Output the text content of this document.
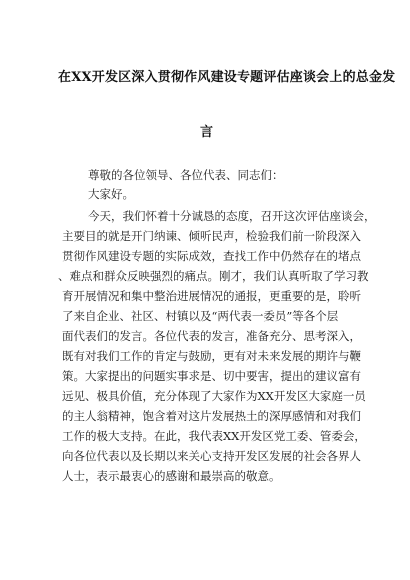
在XX开发区深入贯彻作风建设专题评估座谈会上的总金发
言
尊敬的各位领导、各位代表、同志们：
大家好。
今天，我们怀着十分诚恳的态度，召开这次评估座谈会，
主要目的就是开门纳谏、倾听民声，检验我们前一阶段深入
贯彻作风建设专题的实际成效，查找工作中仍然存在的堵点
、难点和群众反映强烈的痛点。刚才，我们认真听取了学习教
育开展情况和集中整治进展情况的通报，更重要的是，聆听
了来自企业、社区、村镇以及“两代表一委员”等各个层
面代表们的发言。各位代表的发言，准备充分、思考深入，
既有对我们工作的肯定与鼓励，更有对未来发展的期许与鞭
策。大家提出的问题实事求是、切中要害，提出的建议富有
远见、极具价值，充分体现了大家作为XX开发区大家庭一员
的主人翁精神，饱含着对这片发展热土的深厚感情和对我们
工作的极大支持。在此，我代表XX开发区党工委、管委会，
向各位代表以及长期以来关心支持开发区发展的社会各界人
人士，表示最衷心的感谢和最崇高的敬意。
